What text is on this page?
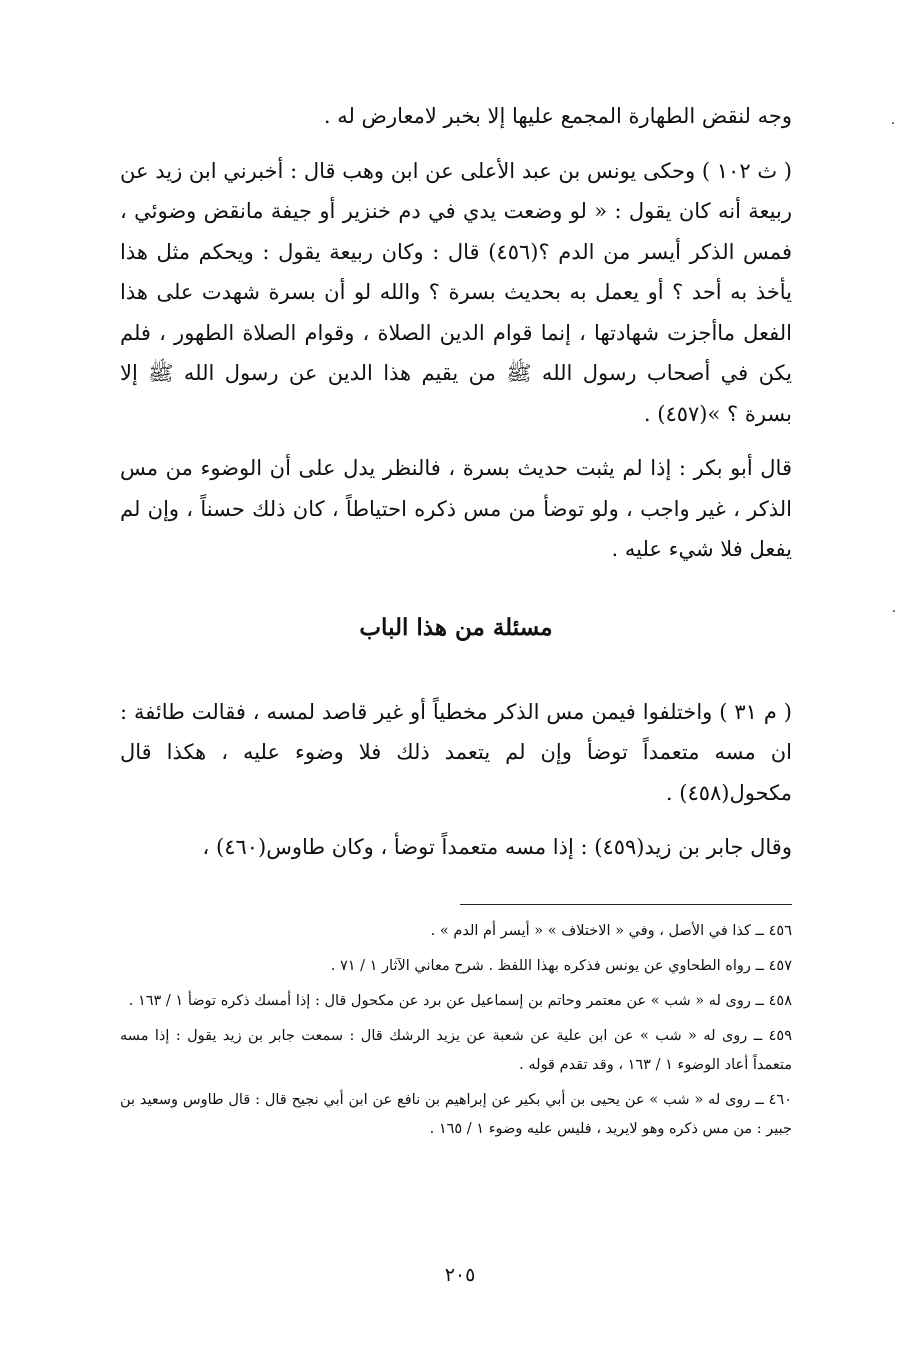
وجه لنقض الطهارة المجمع عليها إلا بخبر لامعارض له .

( ث ١٠٢ ) وحكى يونس بن عبد الأعلى عن ابن وهب قال : أخبرني ابن زيد عن ربيعة أنه كان يقول : « لو وضعت يدي في دم خنزير أو جيفة مانقض وضوئي ، فمس الذكر أيسر من الدم ؟(٤٥٦) قال : وكان ربيعة يقول : ويحكم مثل هذا يأخذ به أحد ؟ أو يعمل به بحديث بسرة ؟ والله لو أن بسرة شهدت على هذا الفعل ماأجزت شهادتها ، إنما قوام الدين الصلاة ، وقوام الصلاة الطهور ، فلم يكن في أصحاب رسول الله ﷺ من يقيم هذا الدين عن رسول الله ﷺ إلا بسرة ؟ »(٤٥٧) .

قال أبو بكر : إذا لم يثبت حديث بسرة ، فالنظر يدل على أن الوضوء من مس الذكر ، غير واجب ، ولو توضأ من مس ذكره احتياطاً ، كان ذلك حسناً ، وإن لم يفعل فلا شيء عليه .

مسئلة من هذا الباب

( م ٣١ ) واختلفوا فيمن مس الذكر مخطياً أو غير قاصد لمسه ، فقالت طائفة : ان مسه متعمداً توضأ وإن لم يتعمد ذلك فلا وضوء عليه ، هكذا قال مكحول(٤٥٨) .

وقال جابر بن زيد(٤٥٩) : إذا مسه متعمداً توضأ ، وكان طاوس(٤٦٠) ،

٤٥٦ ــ كذا في الأصل ، وفي « الاختلاف » « أيسر أم الدم » .

٤٥٧ ــ رواه الطحاوي عن يونس فذكره بهذا اللفظ . شرح معاني الآثار ١ / ٧١ .

٤٥٨ ــ روى له « شب » عن معتمر وحاتم بن إسماعيل عن برد عن مكحول قال : إذا أمسك ذكره توضأ ١ / ١٦٣ .

٤٥٩ ــ روى له « شب » عن ابن علية عن شعبة عن يزيد الرشك قال : سمعت جابر بن زيد يقول : إذا مسه متعمداً أعاد الوضوء ١ / ١٦٣ ، وقد تقدم قوله .

٤٦٠ ــ روى له « شب » عن يحيى بن أبي بكير عن إبراهيم بن نافع عن ابن أبي نجيح قال : قال طاوس وسعيد بن جبير : من مس ذكره وهو لايريد ، فليس عليه وضوء ١ / ١٦٥ .

٢٠٥
